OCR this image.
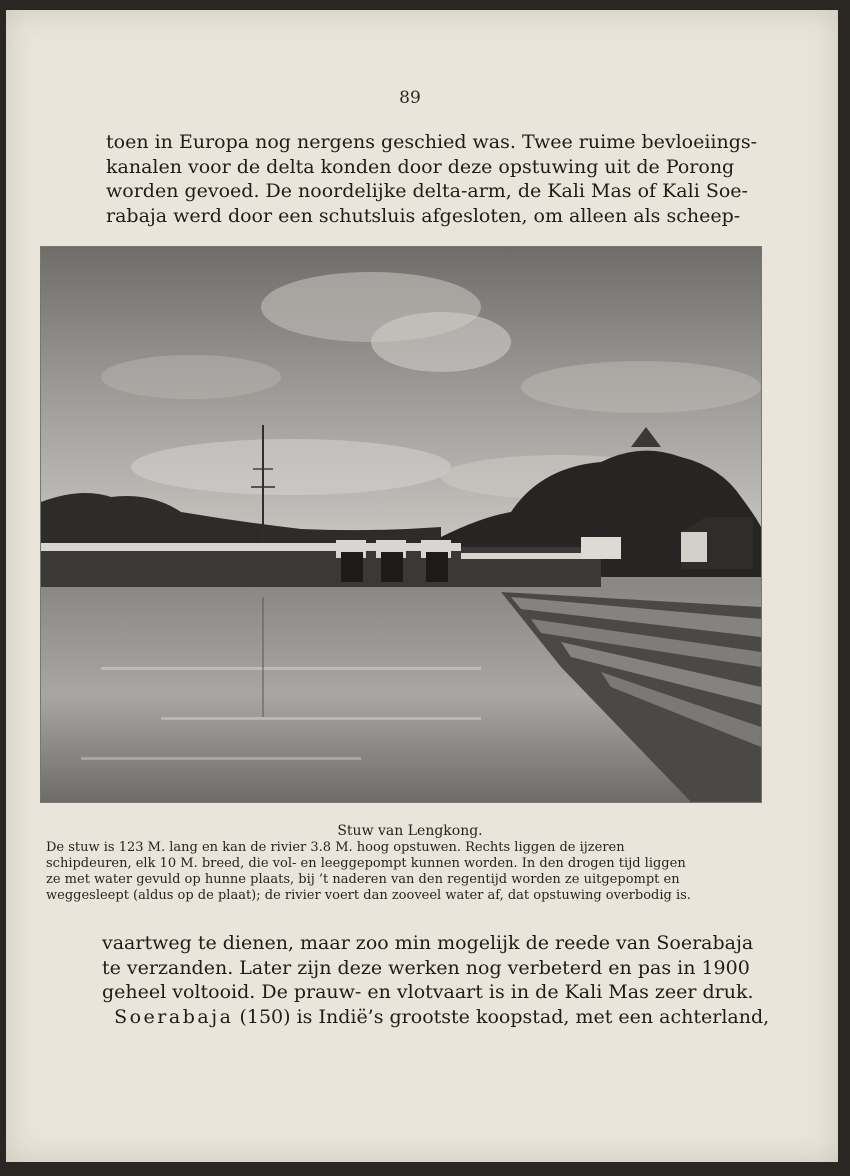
89
toen in Europa nog nergens geschied was. Twee ruime bevloeiings-
kanalen voor de delta konden door deze opstuwing uit de Porong
worden gevoed. De noordelijke delta-arm, de Kali Mas of Kali Soe-
rabaja werd door een schutsluis afgesloten, om alleen als scheep-
Stuw van Lengkong.
De stuw is 123 M. lang en kan de rivier 3.8 M. hoog opstuwen. Rechts liggen de ijzeren
schipdeuren, elk 10 M. breed, die vol- en leeggepompt kunnen worden. In den drogen tijd liggen
ze met water gevuld op hunne plaats, bij ’t naderen van den regentijd worden ze uitgepompt en
weggesleept (aldus op de plaat); de rivier voert dan zooveel water af, dat opstuwing overbodig is.
vaartweg te dienen, maar zoo min mogelijk de reede van Soerabaja
te verzanden. Later zijn deze werken nog verbeterd en pas in 1900
geheel voltooid. De prauw- en vlotvaart is in de Kali Mas zeer druk.
Soerabaja (150) is Indië’s grootste koopstad, met een achterland,
